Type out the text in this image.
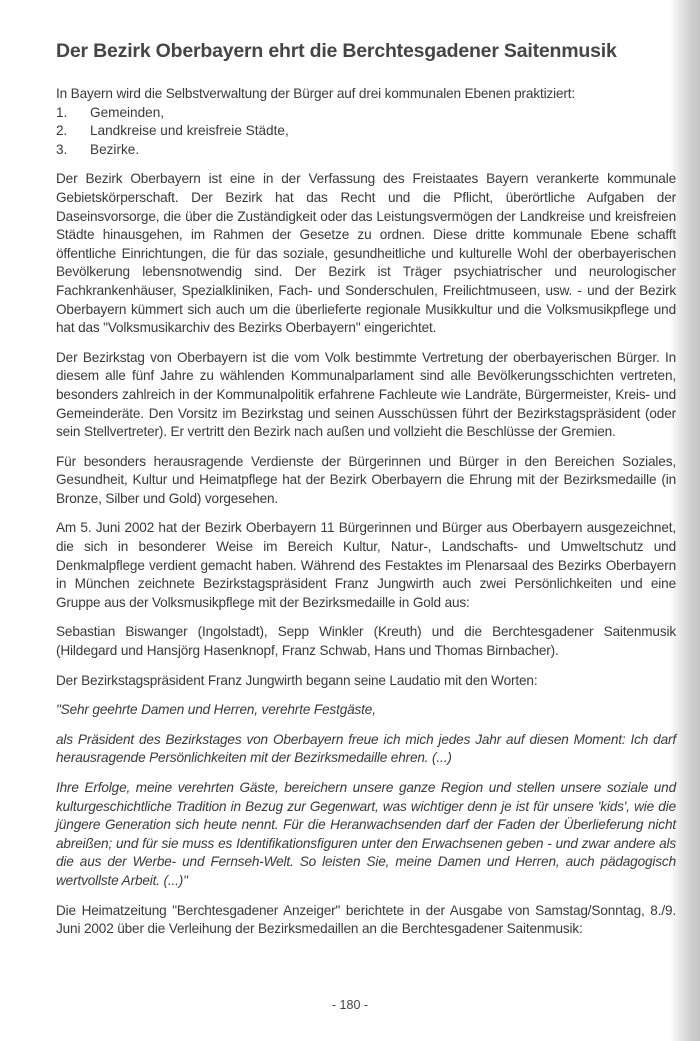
Der Bezirk Oberbayern ehrt die Berchtesgadener Saitenmusik

In Bayern wird die Selbstverwaltung der Bürger auf drei kommunalen Ebenen praktiziert:

1.	Gemeinden,
2.	Landkreise und kreisfreie Städte,
3.	Bezirke.

Der Bezirk Oberbayern ist eine in der Verfassung des Freistaates Bayern verankerte kommunale Gebietskörperschaft. Der Bezirk hat das Recht und die Pflicht, überörtliche Aufgaben der Daseinsvorsorge, die über die Zuständigkeit oder das Leistungsvermögen der Landkreise und kreisfreien Städte hinausgehen, im Rahmen der Gesetze zu ordnen. Diese dritte kommunale Ebene schafft öffentliche Einrichtungen, die für das soziale, gesundheitliche und kulturelle Wohl der oberbayerischen Bevölkerung lebensnotwendig sind. Der Bezirk ist Träger psychiatrischer und neurologischer Fachkrankenhäuser, Spezialkliniken, Fach- und Sonderschulen, Freilichtmuseen, usw. - und der Bezirk Oberbayern kümmert sich auch um die überlieferte regionale Musikkultur und die Volksmusikpflege und hat das "Volksmusikarchiv des Bezirks Oberbayern" eingerichtet.

Der Bezirkstag von Oberbayern ist die vom Volk bestimmte Vertretung der oberbayerischen Bürger. In diesem alle fünf Jahre zu wählenden Kommunalparlament sind alle Bevölkerungsschichten vertreten, besonders zahlreich in der Kommunalpolitik erfahrene Fachleute wie Landräte, Bürgermeister, Kreis- und Gemeinderäte. Den Vorsitz im Bezirkstag und seinen Ausschüssen führt der Bezirkstagspräsident (oder sein Stellvertreter). Er vertritt den Bezirk nach außen und vollzieht die Beschlüsse der Gremien.

Für besonders herausragende Verdienste der Bürgerinnen und Bürger in den Bereichen Soziales, Gesundheit, Kultur und Heimatpflege hat der Bezirk Oberbayern die Ehrung mit der Bezirksmedaille (in Bronze, Silber und Gold) vorgesehen.

Am 5. Juni 2002 hat der Bezirk Oberbayern 11 Bürgerinnen und Bürger aus Oberbayern ausgezeichnet, die sich in besonderer Weise im Bereich Kultur, Natur-, Landschafts- und Umweltschutz und Denkmalpflege verdient gemacht haben. Während des Festaktes im Plenarsaal des Bezirks Oberbayern in München zeichnete Bezirkstagspräsident Franz Jungwirth auch zwei Persönlichkeiten und eine Gruppe aus der Volksmusikpflege mit der Bezirksmedaille in Gold aus:

Sebastian Biswanger (Ingolstadt), Sepp Winkler (Kreuth) und die Berchtesgadener Saitenmusik (Hildegard und Hansjörg Hasenknopf, Franz Schwab, Hans und Thomas Birnbacher).

Der Bezirkstagspräsident Franz Jungwirth begann seine Laudatio mit den Worten:

"Sehr geehrte Damen und Herren, verehrte Festgäste,

als Präsident des Bezirkstages von Oberbayern freue ich mich jedes Jahr auf diesen Moment: Ich darf herausragende Persönlichkeiten mit der Bezirksmedaille ehren. (...)

Ihre Erfolge, meine verehrten Gäste, bereichern unsere ganze Region und stellen unsere soziale und kulturgeschichtliche Tradition in Bezug zur Gegenwart, was wichtiger denn je ist für unsere 'kids', wie die jüngere Generation sich heute nennt. Für die Heranwachsenden darf der Faden der Überlieferung nicht abreißen; und für sie muss es Identifikationsfiguren unter den Erwachsenen geben - und zwar andere als die aus der Werbe- und Fernseh-Welt. So leisten Sie, meine Damen und Herren, auch pädagogisch wertvollste Arbeit. (...)"

Die Heimatzeitung "Berchtesgadener Anzeiger" berichtete in der Ausgabe von Samstag/Sonntag, 8./9. Juni 2002 über die Verleihung der Bezirksmedaillen an die Berchtesgadener Saitenmusik:

- 180 -
